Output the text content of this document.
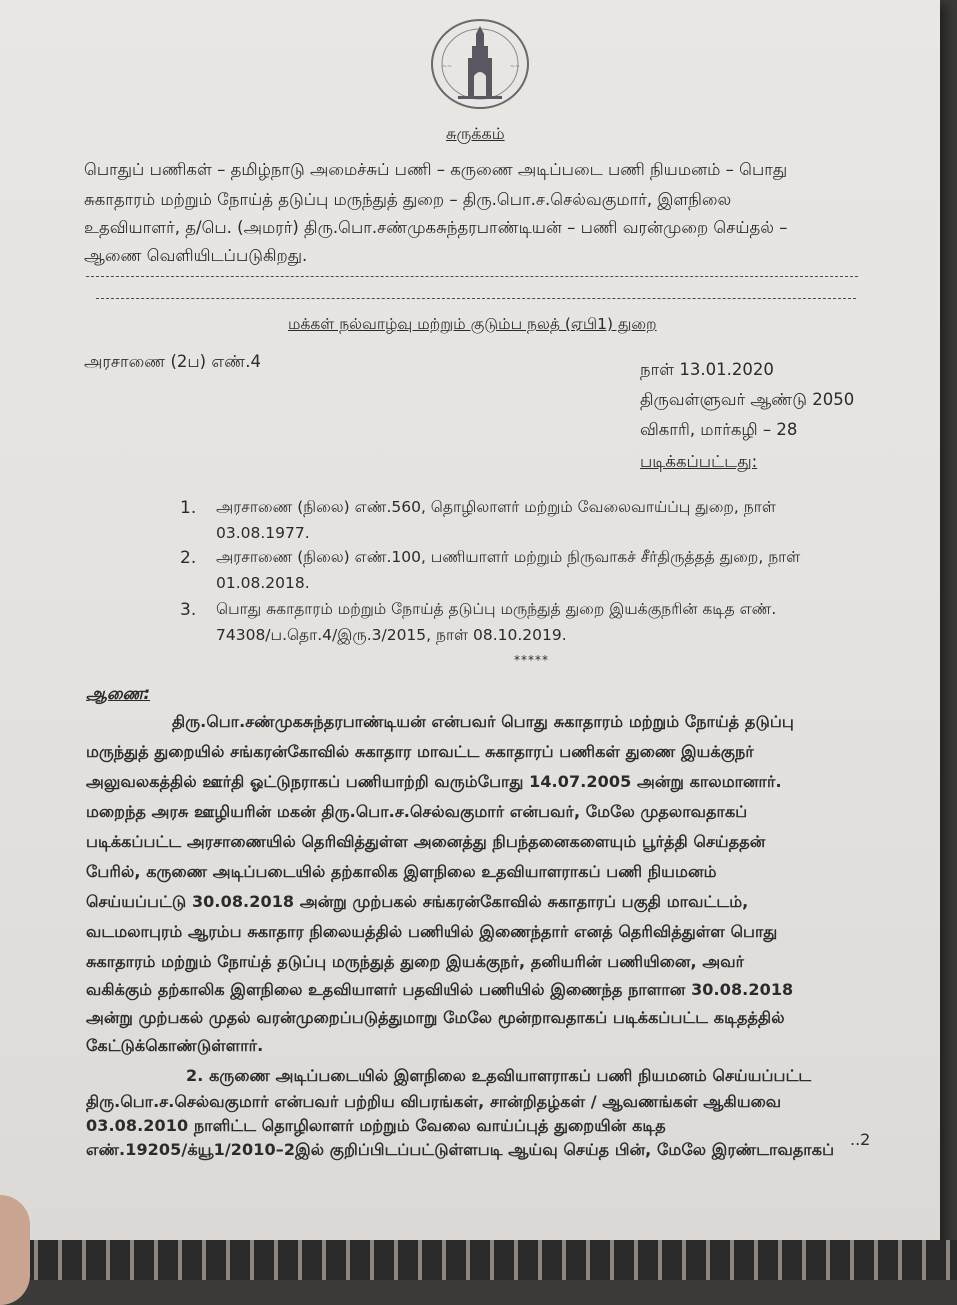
~~	~~
சுருக்கம்
பொதுப் பணிகள் – தமிழ்நாடு அமைச்சுப் பணி – கருணை அடிப்படை பணி நியமனம் – பொது
சுகாதாரம் மற்றும் நோய்த் தடுப்பு மருந்துத் துறை – திரு.பொ.ச.செல்வகுமார், இளநிலை
உதவியாளர், த/பெ. (அமரர்) திரு.பொ.சண்முகசுந்தரபாண்டியன் – பணி வரன்முறை செய்தல் –
ஆணை வெளியிடப்படுகிறது.
மக்கள் நல்வாழ்வு மற்றும் குடும்ப நலத் (ஏபி1) துறை
அரசாணை (2ப) எண்.4	நாள் 13.01.2020
திருவள்ளுவர் ஆண்டு 2050
விகாரி, மார்கழி – 28
படிக்கப்பட்டது:
1. அரசாணை (நிலை) எண்.560, தொழிலாளர் மற்றும் வேலைவாய்ப்பு துறை, நாள்
03.08.1977.
2. அரசாணை (நிலை) எண்.100, பணியாளர் மற்றும் நிருவாகச் சீர்திருத்தத் துறை, நாள்
01.08.2018.
3. பொது சுகாதாரம் மற்றும் நோய்த் தடுப்பு மருந்துத் துறை இயக்குநரின் கடித எண்.
74308/ப.தொ.4/இரு.3/2015, நாள் 08.10.2019.
*****
ஆணை:
திரு.பொ.சண்முகசுந்தரபாண்டியன் என்பவர் பொது சுகாதாரம் மற்றும் நோய்த் தடுப்பு
மருந்துத் துறையில் சங்கரன்கோவில் சுகாதார மாவட்ட சுகாதாரப் பணிகள் துணை இயக்குநர்
அலுவலகத்தில் ஊர்தி ஓட்டுநராகப் பணியாற்றி வரும்போது 14.07.2005 அன்று காலமானார்.
மறைந்த அரசு ஊழியரின் மகன் திரு.பொ.ச.செல்வகுமார் என்பவர், மேலே முதலாவதாகப்
படிக்கப்பட்ட அரசாணையில் தெரிவித்துள்ள அனைத்து நிபந்தனைகளையும் பூர்த்தி செய்ததன்
பேரில், கருணை அடிப்படையில் தற்காலிக இளநிலை உதவியாளராகப் பணி நியமனம்
செய்யப்பட்டு 30.08.2018 அன்று முற்பகல் சங்கரன்கோவில் சுகாதாரப் பகுதி மாவட்டம்,
வடமலாபுரம் ஆரம்ப சுகாதார நிலையத்தில் பணியில் இணைந்தார் எனத் தெரிவித்துள்ள பொது
சுகாதாரம் மற்றும் நோய்த் தடுப்பு மருந்துத் துறை இயக்குநர், தனியரின் பணியினை, அவர்
வகிக்கும் தற்காலிக இளநிலை உதவியாளர் பதவியில் பணியில் இணைந்த நாளான 30.08.2018
அன்று முற்பகல் முதல் வரன்முறைப்படுத்துமாறு மேலே மூன்றாவதாகப் படிக்கப்பட்ட கடிதத்தில்
கேட்டுக்கொண்டுள்ளார்.
2. கருணை அடிப்படையில் இளநிலை உதவியாளராகப் பணி நியமனம் செய்யப்பட்ட
திரு.பொ.ச.செல்வகுமார் என்பவர் பற்றிய விபரங்கள், சான்றிதழ்கள் / ஆவணங்கள் ஆகியவை
03.08.2010 நாளிட்ட தொழிலாளர் மற்றும் வேலை வாய்ப்புத் துறையின் கடித
எண்.19205/க்யூ1/2010–2இல் குறிப்பிடப்பட்டுள்ளபடி ஆய்வு செய்த பின், மேலே இரண்டாவதாகப்
..2
